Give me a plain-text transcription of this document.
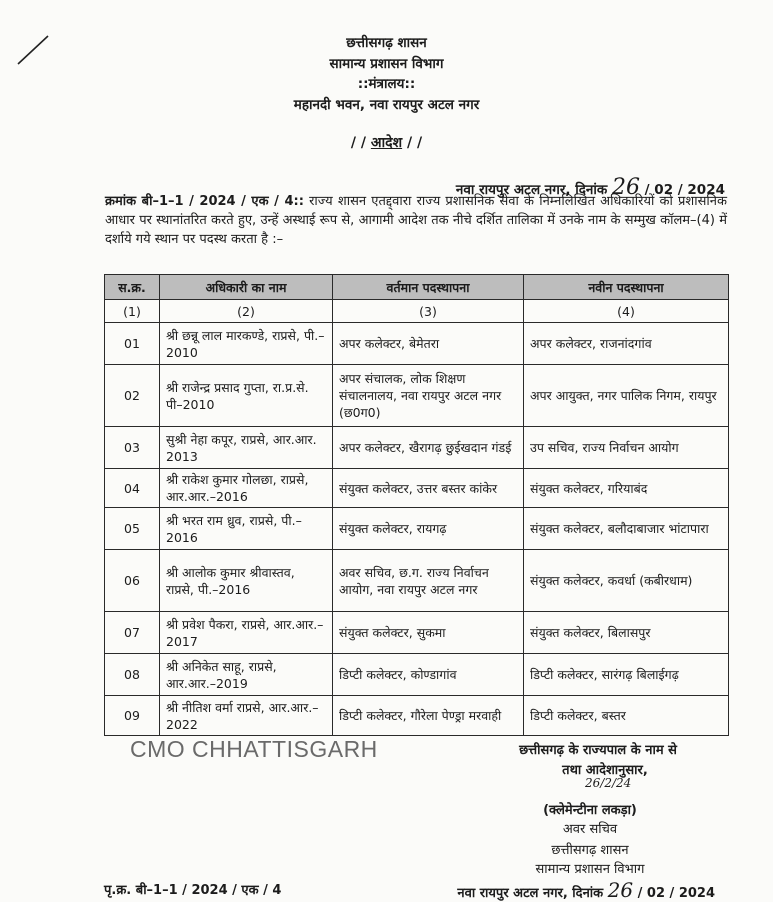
छत्तीसगढ़ शासन
सामान्य प्रशासन विभाग
::मंत्रालय::
महानदी भवन, नवा रायपुर अटल नगर
/ / आदेश / /
नवा रायपुर अटल नगर, दिनांक 26 / 02 / 2024
क्रमांक बी–1–1 / 2024 / एक / 4:: राज्य शासन एतद्द्वारा राज्य प्रशासनिक सेवा के निम्नलिखित अधिकारियों को प्रशासनिक आधार पर स्थानांतरित करते हुए, उन्हें अस्थाई रूप से, आगामी आदेश तक नीचे दर्शित तालिका में उनके नाम के सम्मुख कॉलम–(4) में दर्शाये गये स्थान पर पदस्थ करता है :–
स.क्र.	अधिकारी का नाम	वर्तमान पदस्थापना	नवीन पदस्थापना
(1)	(2)	(3)	(4)
01	श्री छन्नू लाल मारकण्डे, राप्रसे, पी.–2010	अपर कलेक्टर, बेमेतरा	अपर कलेक्टर, राजनांदगांव
02	श्री राजेन्द्र प्रसाद गुप्ता, रा.प्र.से. पी–2010	अपर संचालक, लोक शिक्षण संचालनालय, नवा रायपुर अटल नगर (छ0ग0)	अपर आयुक्त, नगर पालिक निगम, रायपुर
03	सुश्री नेहा कपूर, राप्रसे, आर.आर. 2013	अपर कलेक्टर, खैरागढ़ छुईखदान गंडई	उप सचिव, राज्य निर्वाचन आयोग
04	श्री राकेश कुमार गोलछा, राप्रसे, आर.आर.–2016	संयुक्त कलेक्टर, उत्तर बस्तर कांकेर	संयुक्त कलेक्टर, गरियाबंद
05	श्री भरत राम ध्रुव, राप्रसे, पी.–2016	संयुक्त कलेक्टर, रायगढ़	संयुक्त कलेक्टर, बलौदाबाजार भांटापारा
06	श्री आलोक कुमार श्रीवास्तव, राप्रसे, पी.–2016	अवर सचिव, छ.ग. राज्य निर्वाचन आयोग, नवा रायपुर अटल नगर	संयुक्त कलेक्टर, कवर्धा (कबीरधाम)
07	श्री प्रवेश पैकरा, राप्रसे, आर.आर.–2017	संयुक्त कलेक्टर, सुकमा	संयुक्त कलेक्टर, बिलासपुर
08	श्री अनिकेत साहू, राप्रसे, आर.आर.–2019	डिप्टी कलेक्टर, कोण्डागांव	डिप्टी कलेक्टर, सारंगढ़ बिलाईगढ़
09	श्री नीतिश वर्मा राप्रसे, आर.आर.–2022	डिप्टी कलेक्टर, गौरेला पेण्ड्रा मरवाही	डिप्टी कलेक्टर, बस्तर
CMO CHHATTISGARH	छत्तीसगढ़ के राज्यपाल के नाम से
तथा आदेशानुसार,
26/2/24
(क्लेमेन्टीना लकड़ा)
अवर सचिव
छत्तीसगढ़ शासन
सामान्य प्रशासन विभाग
पृ.क्र. बी–1–1 / 2024 / एक / 4	नवा रायपुर अटल नगर, दिनांक 26 / 02 / 2024
